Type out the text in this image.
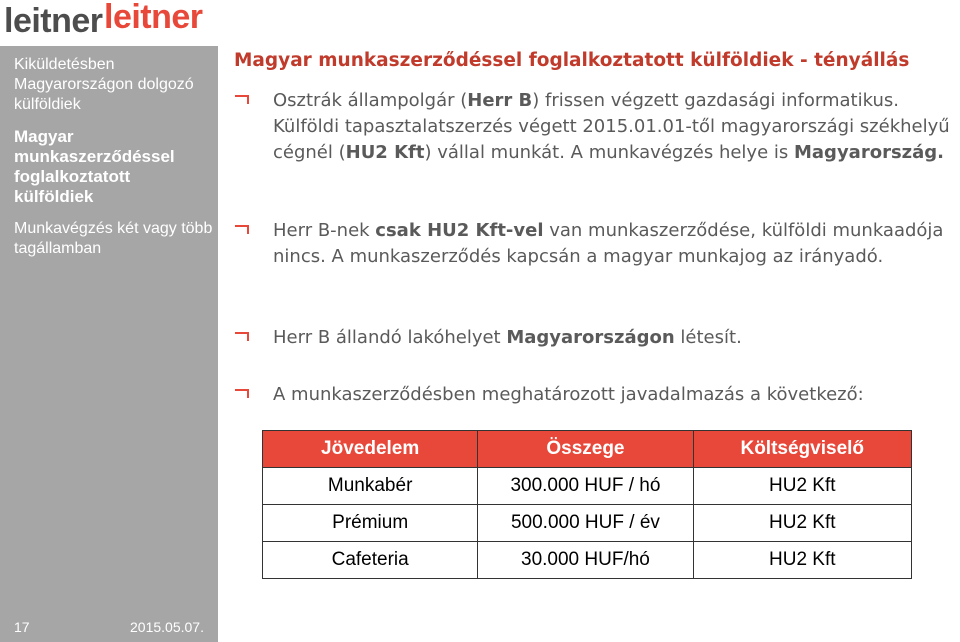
leitner leitner
Kiküldetésben Magyarországon dolgozó külföldiek
Magyar munkaszerződéssel foglalkoztatott külföldiek
Munkavégzés két vagy több tagállamban
17	2015.05.07.
Magyar munkaszerződéssel foglalkoztatott külföldiek - tényállás
Osztrák állampolgár (Herr B) frissen végzett gazdasági informatikus. Külföldi tapasztalatszerzés végett 2015.01.01-től magyarországi székhelyű cégnél (HU2 Kft) vállal munkát. A munkavégzés helye is Magyarország.
Herr B-nek csak HU2 Kft-vel van munkaszerződése, külföldi munkaadója nincs. A munkaszerződés kapcsán a magyar munkajog az irányadó.
Herr B állandó lakóhelyet Magyarországon létesít.
A munkaszerződésben meghatározott javadalmazás a következő:
Jövedelem	Összege	Költségviselő
Munkabér	300.000 HUF / hó	HU2 Kft
Prémium	500.000 HUF / év	HU2 Kft
Cafeteria	30.000 HUF/hó	HU2 Kft
